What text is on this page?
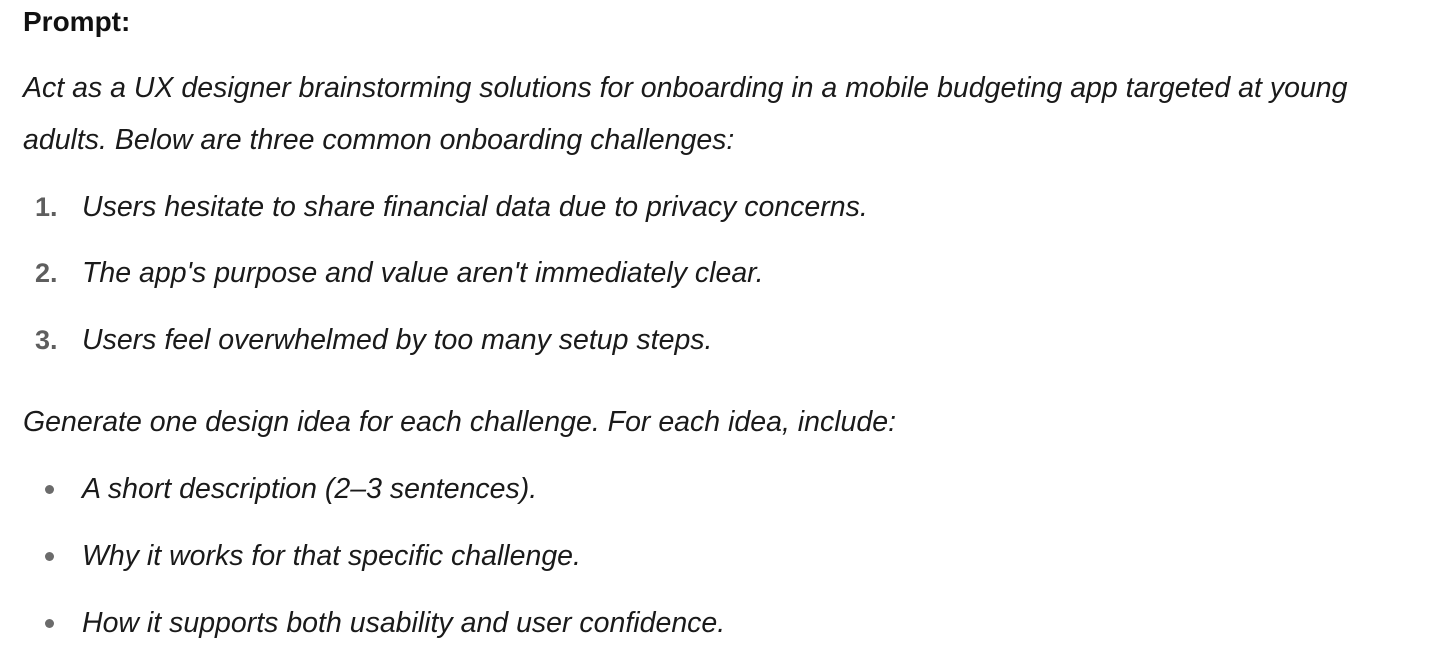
Prompt:
Act as a UX designer brainstorming solutions for onboarding in a mobile budgeting app targeted at young
adults. Below are three common onboarding challenges:
1. Users hesitate to share financial data due to privacy concerns.
2. The app's purpose and value aren't immediately clear.
3. Users feel overwhelmed by too many setup steps.
Generate one design idea for each challenge. For each idea, include:
A short description (2–3 sentences).
Why it works for that specific challenge.
How it supports both usability and user confidence.
